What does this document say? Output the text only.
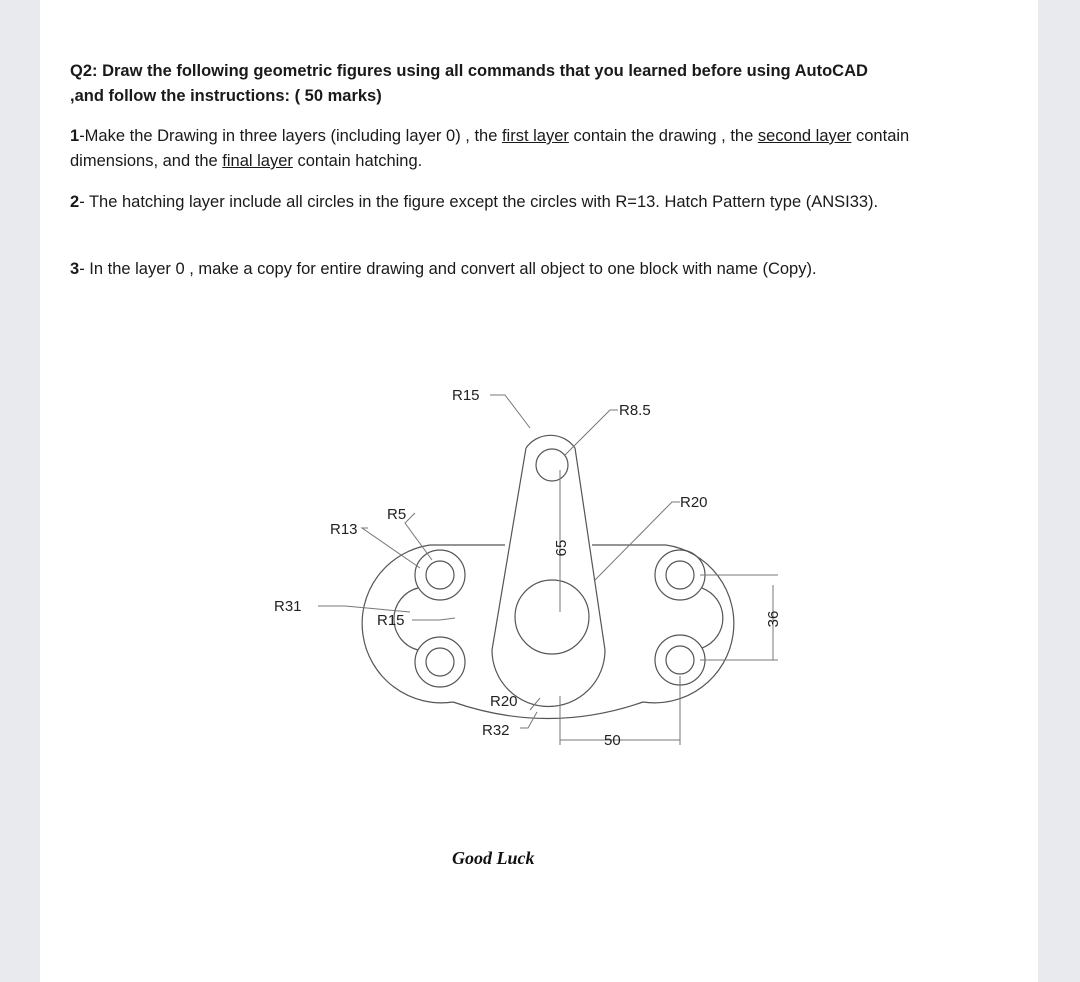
Q2: Draw the following geometric figures using all commands that you learned before using AutoCAD
,and follow the instructions: ( 50 marks)
1-Make the Drawing in three layers (including layer 0) , the first layer contain the drawing , the second layer contain dimensions, and the final layer contain hatching.
2- The hatching layer include all circles in the figure except the circles with R=13. Hatch Pattern type (ANSI33).
3- In the layer 0 , make a copy for entire drawing and convert all object to one block with name (Copy).
R15
R8.5
R20
R5
R13
65
R31
R15	36
R20
R32
50
Good Luck
